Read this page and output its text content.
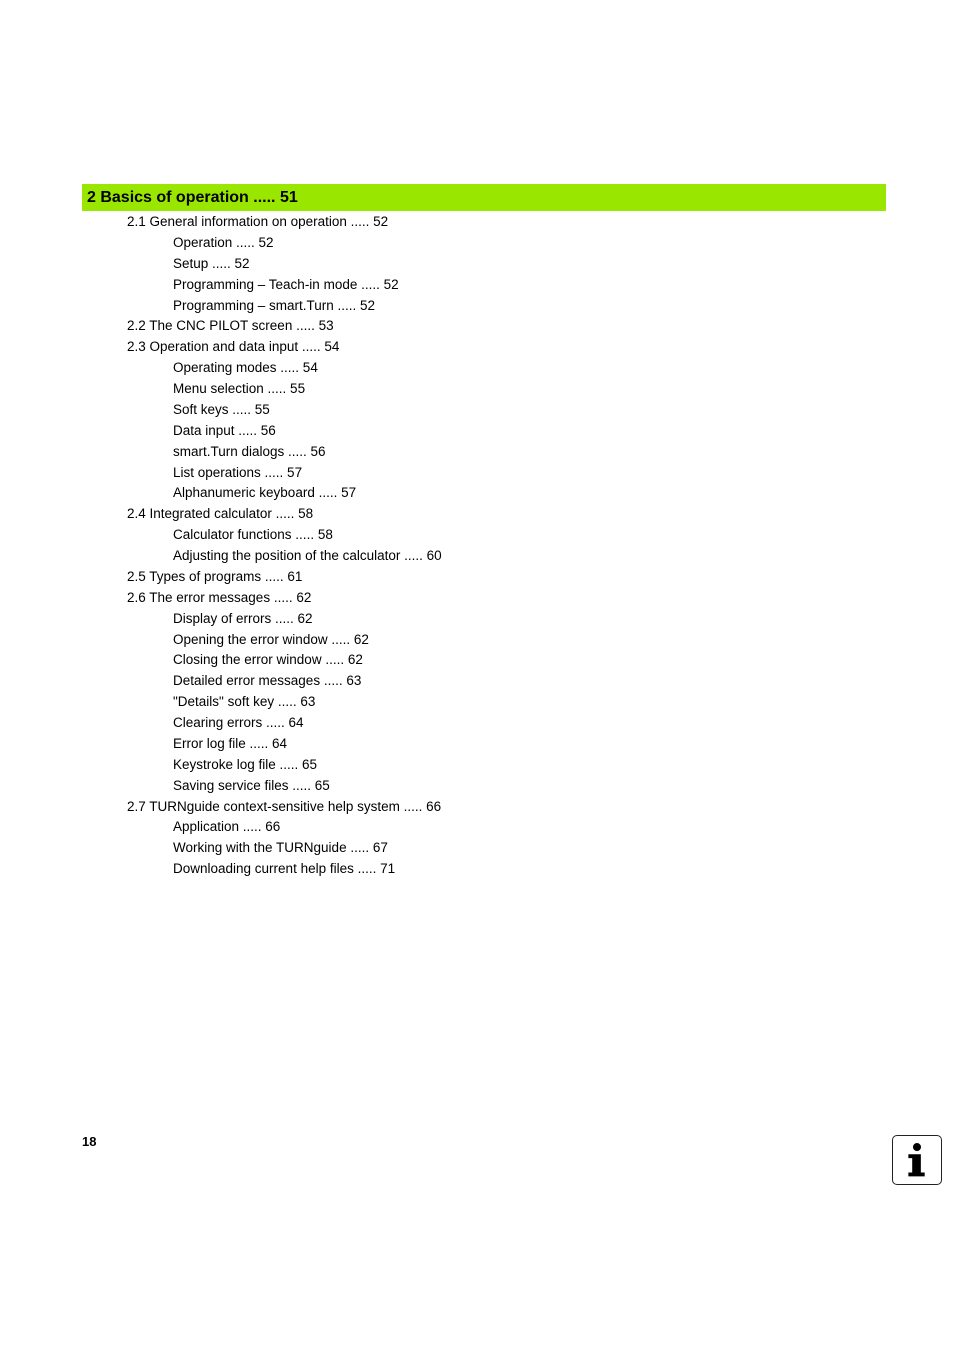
2 Basics of operation ..... 51
2.1 General information on operation ..... 52
Operation ..... 52
Setup ..... 52
Programming – Teach-in mode ..... 52
Programming – smart.Turn ..... 52
2.2 The CNC PILOT screen ..... 53
2.3 Operation and data input ..... 54
Operating modes ..... 54
Menu selection ..... 55
Soft keys ..... 55
Data input ..... 56
smart.Turn dialogs ..... 56
List operations ..... 57
Alphanumeric keyboard ..... 57
2.4 Integrated calculator ..... 58
Calculator functions ..... 58
Adjusting the position of the calculator ..... 60
2.5 Types of programs ..... 61
2.6 The error messages ..... 62
Display of errors ..... 62
Opening the error window ..... 62
Closing the error window ..... 62
Detailed error messages ..... 63
"Details" soft key ..... 63
Clearing errors ..... 64
Error log file ..... 64
Keystroke log file ..... 65
Saving service files ..... 65
2.7 TURNguide context-sensitive help system ..... 66
Application ..... 66
Working with the TURNguide ..... 67
Downloading current help files ..... 71
18
